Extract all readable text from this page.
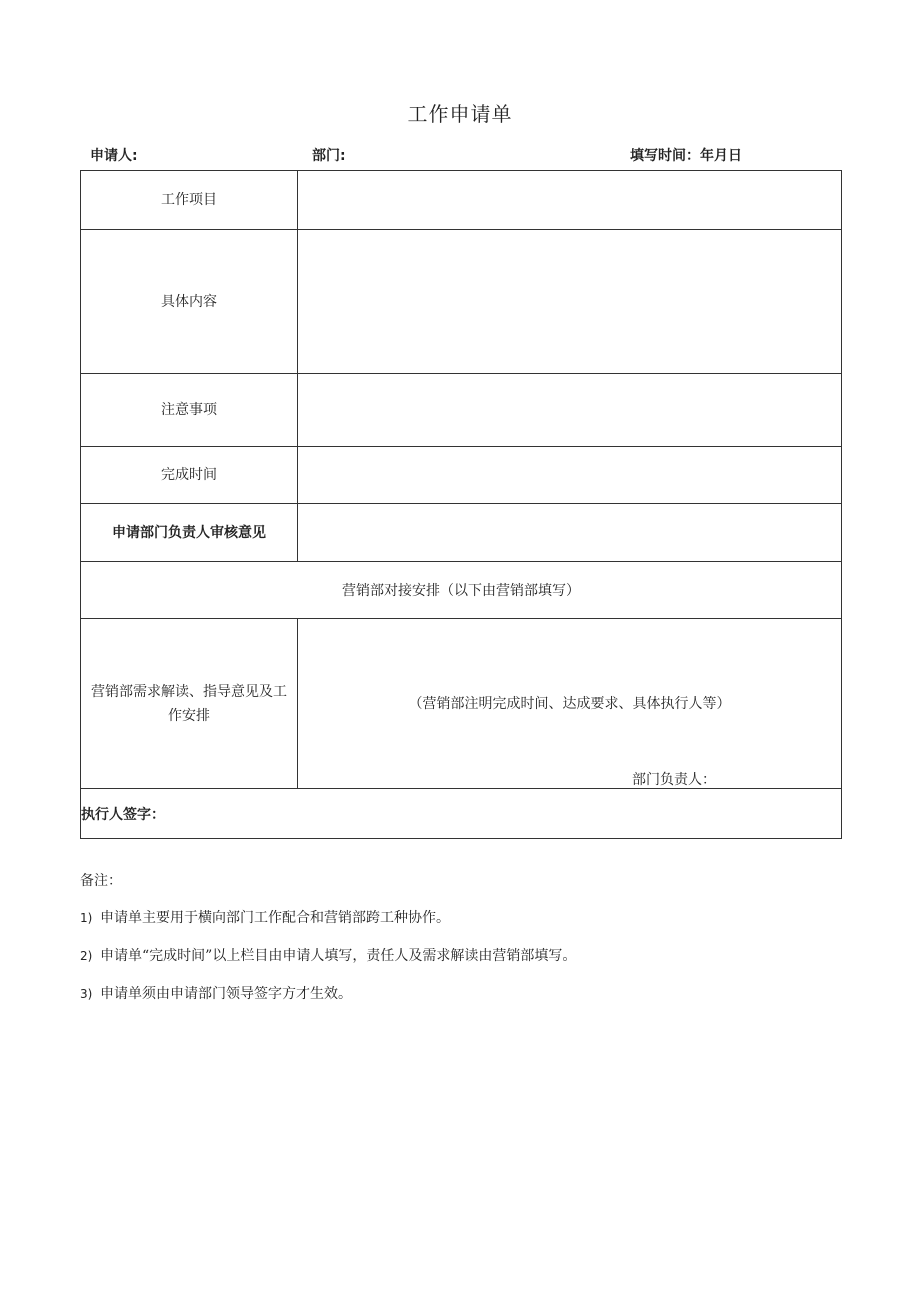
工作申请单
申请人:	部门:	填写时间：年月日
工作项目	
具体内容	
注意事项	
完成时间	
申请部门负责人审核意见	
营销部对接安排（以下由营销部填写）	

营销部需求解读、指导意见及工作安排	（营销部注明完成时间、达成要求、具体执行人等）
部门负责人：

执行人签字：	
备注：
1) 申请单主要用于横向部门工作配合和营销部跨工种协作。
2) 申请单“完成时间”以上栏目由申请人填写，责任人及需求解读由营销部填写。
3) 申请单须由申请部门领导签字方才生效。
